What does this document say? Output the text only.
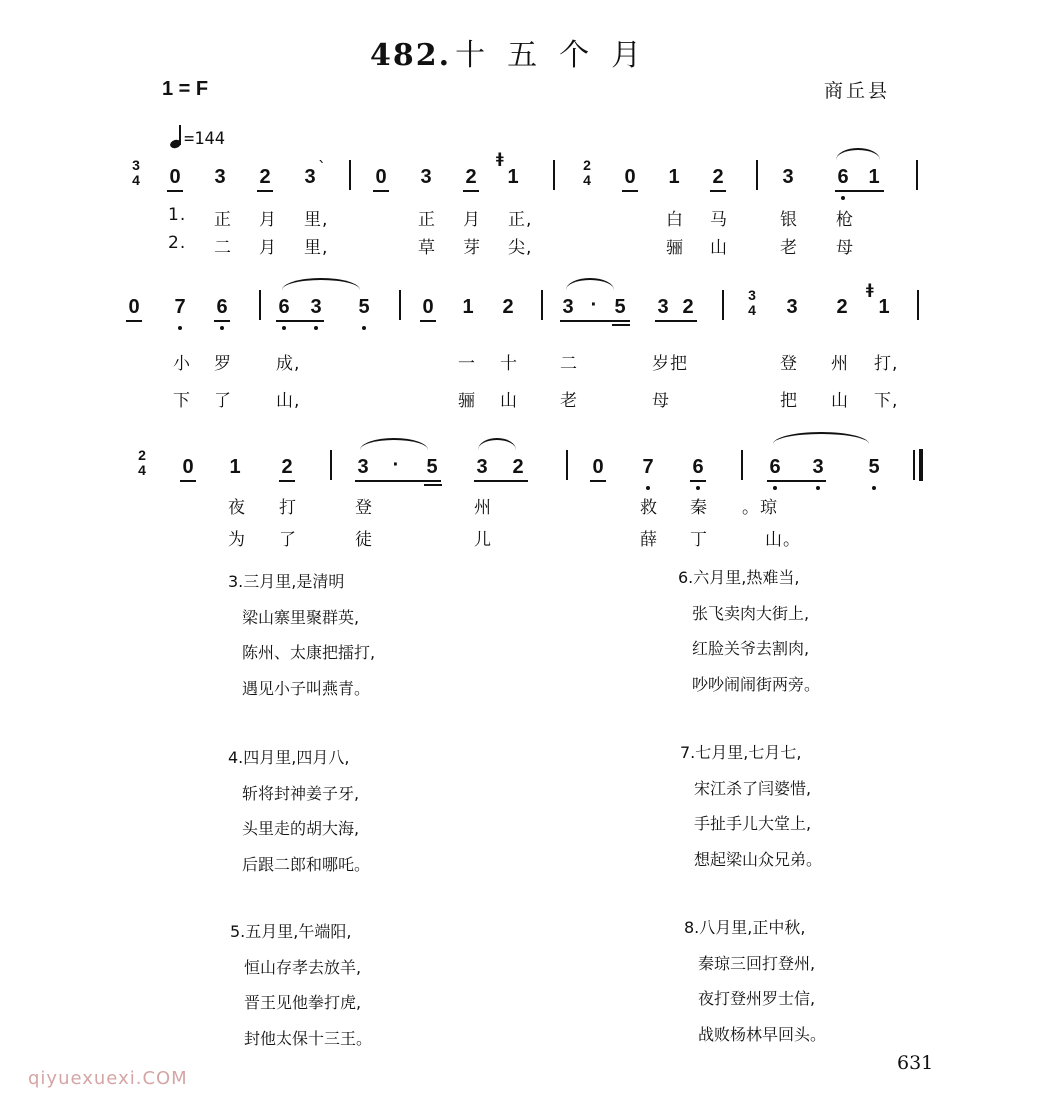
482. 十五个月
1 = F	商丘县
=144
3
4 0 3 2 3 ` 0 3 2
ǂ
1
2
4 0 1 2	3 6 1
1. 正 月 里,	正 月 正,	白 马	银 枪
2. 二 月 里,	草 芽 尖,	骊 山	老 母
0 7 6	6 3 5	0 1 2 3 · 5 3 2
3
4 3 2
ǂ
1
小 罗	成,	一 十 二	岁把	登 州 打,
下 了	山,	骊 山 老	母	把 山 下,
2
4 0 1 2	3 · 5 3 2	0 7 6	6 3 5
夜 打	登	州	救 秦 。琼
为 了	徒	儿	薛 丁	山。
3.三月里,是清明
梁山寨里聚群英,
陈州、太康把擂打,
遇见小子叫燕青。
4.四月里,四月八,
斩将封神姜子牙,
头里走的胡大海,
后跟二郎和哪吒。
5.五月里,午端阳,
恒山存孝去放羊,
晋王见他拳打虎,
封他太保十三王。
6.六月里,热难当,
张飞卖肉大街上,
红脸关爷去割肉,
吵吵闹闹街两旁。
7.七月里,七月七,
宋江杀了闫婆惜,
手扯手儿大堂上,
想起梁山众兄弟。
8.八月里,正中秋,
秦琼三回打登州,
夜打登州罗士信,
战败杨林早回头。
631
qiyuexuexi.COM
